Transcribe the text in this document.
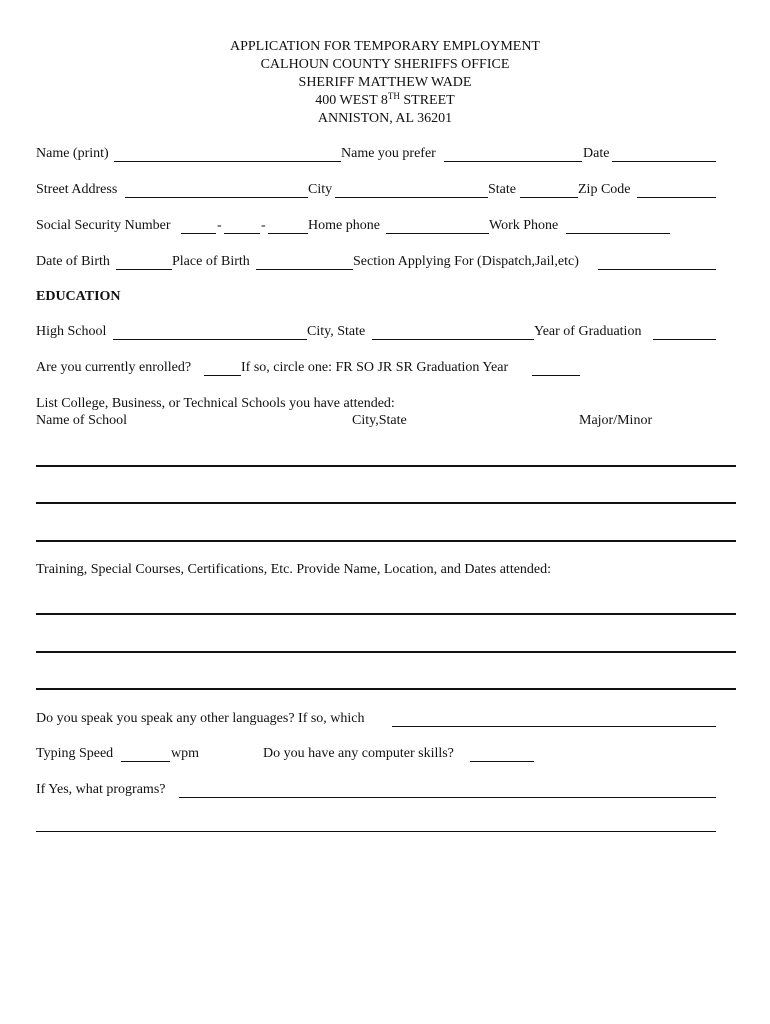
APPLICATION FOR TEMPORARY EMPLOYMENT
CALHOUN COUNTY SHERIFFS OFFICE
SHERIFF MATTHEW WADE
400 WEST 8TH STREET
ANNISTON, AL 36201
Name (print)	Name you prefer	Date
Street Address	City	State	Zip Code
Social Security Number	-	-	Home phone	Work Phone
Date of Birth	Place of Birth	Section Applying For (Dispatch,Jail,etc)
EDUCATION
High School	City, State	Year of Graduation
Are you currently enrolled?	If so, circle one: FR SO JR SR Graduation Year
List College, Business, or Technical Schools you have attended:
Name of School	City,State	Major/Minor
Training, Special Courses, Certifications, Etc. Provide Name, Location, and Dates attended:
Do you speak you speak any other languages? If so, which
Typing Speed	wpm	Do you have any computer skills?
If Yes, what programs?
